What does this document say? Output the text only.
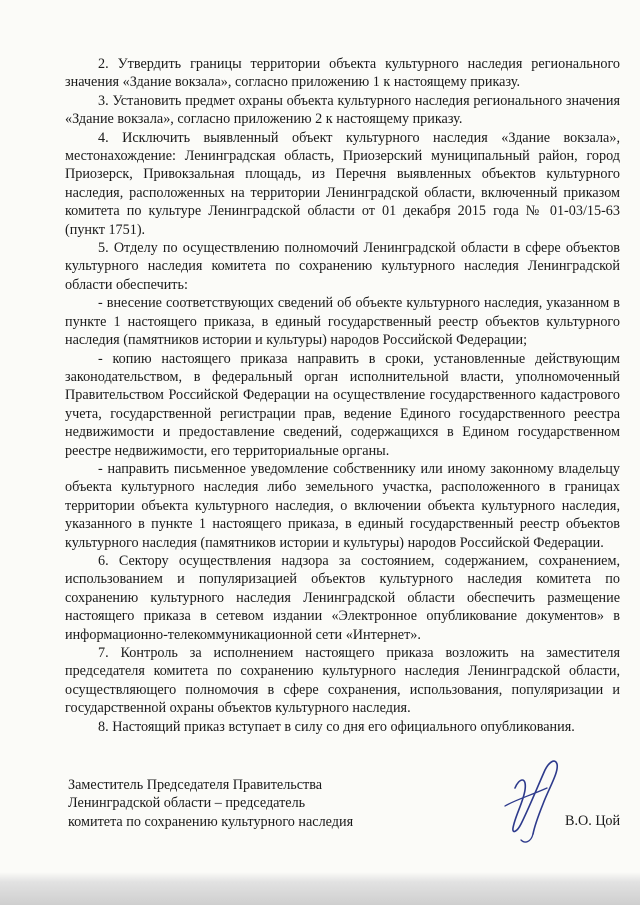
2. Утвердить границы территории объекта культурного наследия регионального значения «Здание вокзала», согласно приложению 1 к настоящему приказу.

3. Установить предмет охраны объекта культурного наследия регионального значения «Здание вокзала», согласно приложению 2 к настоящему приказу.

4. Исключить выявленный объект культурного наследия «Здание вокзала», местонахождение: Ленинградская область, Приозерский муниципальный район, город Приозерск, Привокзальная площадь, из Перечня выявленных объектов культурного наследия, расположенных на территории Ленинградской области, включенный приказом комитета по культуре Ленинградской области от 01 декабря 2015 года № 01-03/15-63 (пункт 1751).

5. Отделу по осуществлению полномочий Ленинградской области в сфере объектов культурного наследия комитета по сохранению культурного наследия Ленинградской области обеспечить:

- внесение соответствующих сведений об объекте культурного наследия, указанном в пункте 1 настоящего приказа, в единый государственный реестр объектов культурного наследия (памятников истории и культуры) народов Российской Федерации;

- копию настоящего приказа направить в сроки, установленные действующим законодательством, в федеральный орган исполнительной власти, уполномоченный Правительством Российской Федерации на осуществление государственного кадастрового учета, государственной регистрации прав, ведение Единого государственного реестра недвижимости и предоставление сведений, содержащихся в Едином государственном реестре недвижимости, его территориальные органы.

- направить письменное уведомление собственнику или иному законному владельцу объекта культурного наследия либо земельного участка, расположенного в границах территории объекта культурного наследия, о включении объекта культурного наследия, указанного в пункте 1 настоящего приказа, в единый государственный реестр объектов культурного наследия (памятников истории и культуры) народов Российской Федерации.

6. Сектору осуществления надзора за состоянием, содержанием, сохранением, использованием и популяризацией объектов культурного наследия комитета по сохранению культурного наследия Ленинградской области обеспечить размещение настоящего приказа в сетевом издании «Электронное опубликование документов» в информационно-телекоммуникационной сети «Интернет».

7. Контроль за исполнением настоящего приказа возложить на заместителя председателя комитета по сохранению культурного наследия Ленинградской области, осуществляющего полномочия в сфере сохранения, использования, популяризации и государственной охраны объектов культурного наследия.

8. Настоящий приказ вступает в силу со дня его официального опубликования.

Заместитель Председателя Правительства
Ленинградской области – председатель
комитета по сохранению культурного наследия	В.О. Цой
